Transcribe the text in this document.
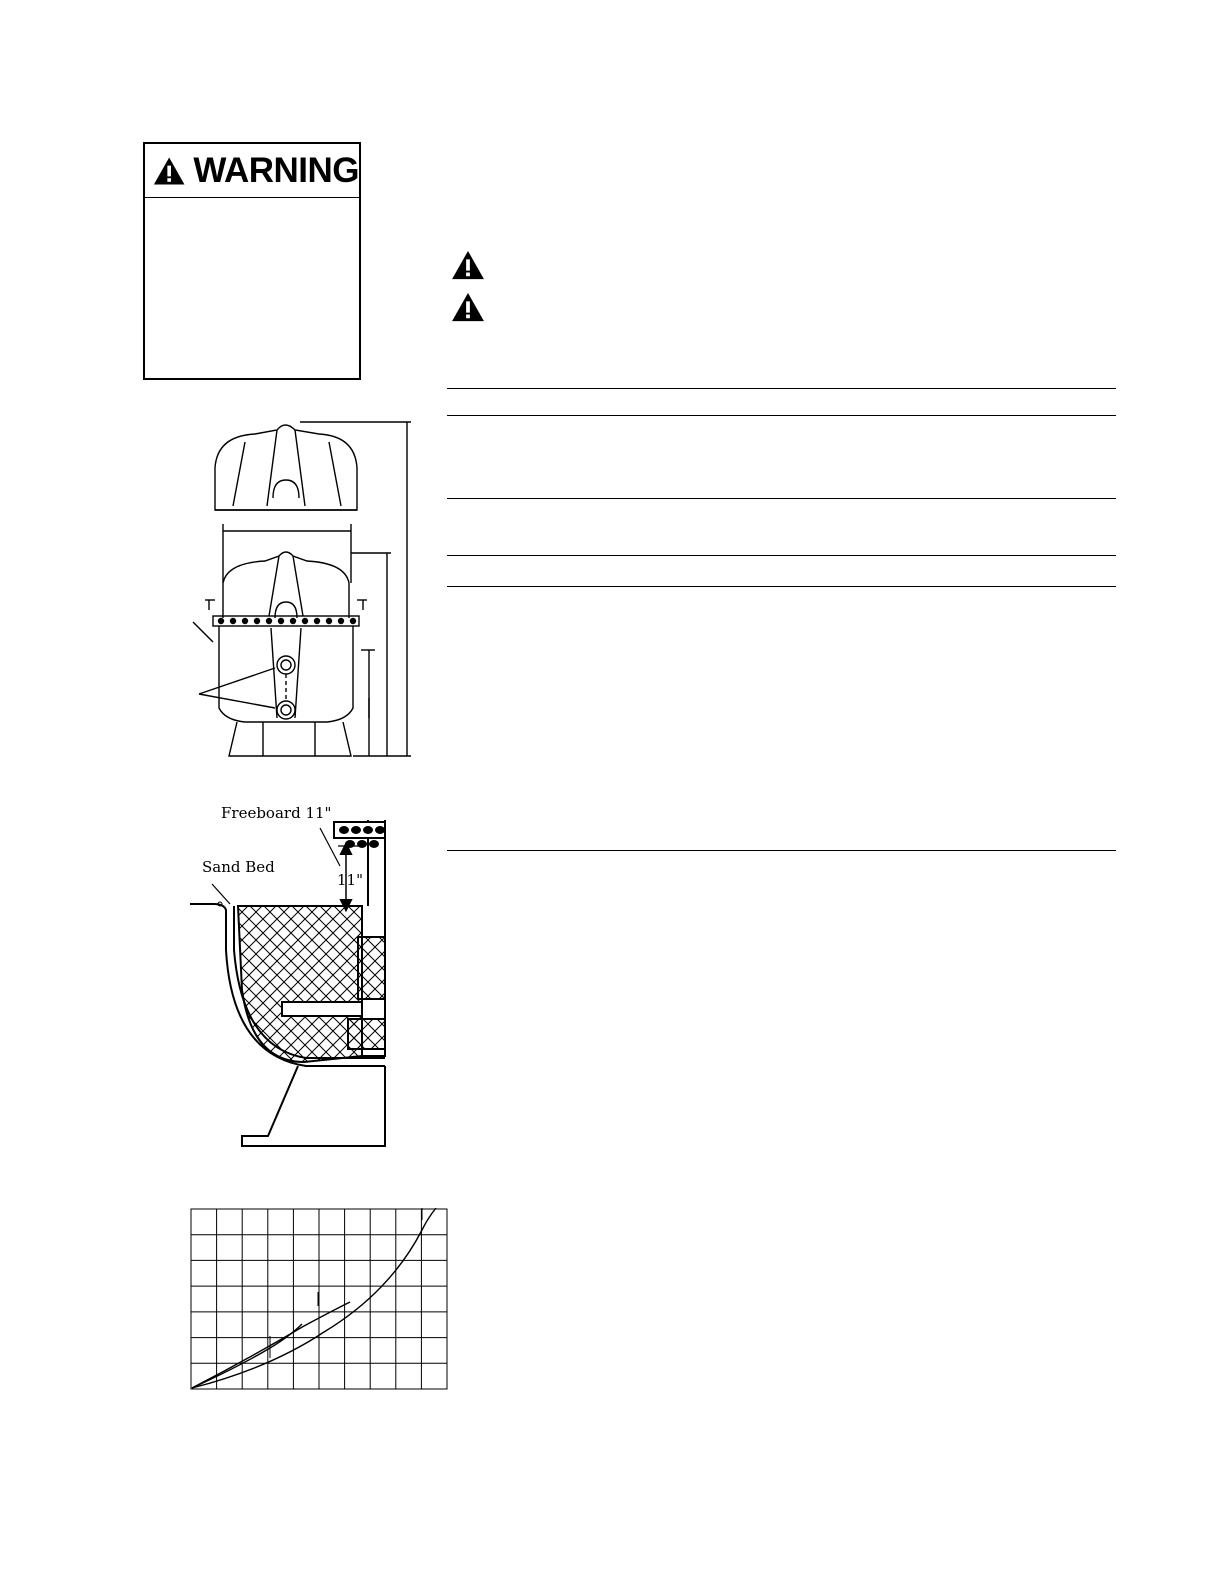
WARNING
Freeboard 11"
Sand Bed
11"
